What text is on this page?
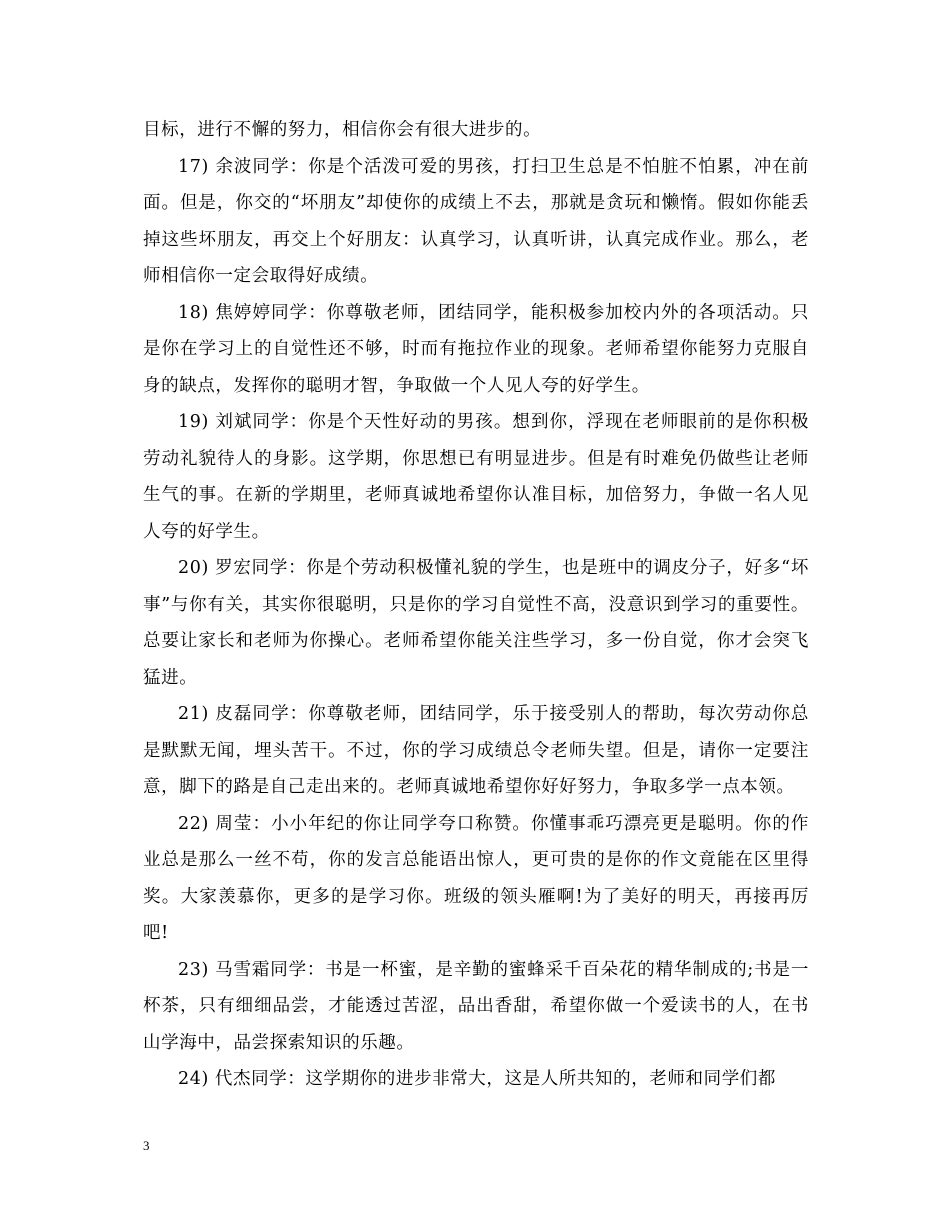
目标，进行不懈的努力，相信你会有很大进步的。

17) 余波同学：你是个活泼可爱的男孩，打扫卫生总是不怕脏不怕累，冲在前面。但是，你交的“坏朋友”却使你的成绩上不去，那就是贪玩和懒惰。假如你能丢掉这些坏朋友，再交上个好朋友：认真学习，认真听讲，认真完成作业。那么，老师相信你一定会取得好成绩。

18) 焦婷婷同学：你尊敬老师，团结同学，能积极参加校内外的各项活动。只是你在学习上的自觉性还不够，时而有拖拉作业的现象。老师希望你能努力克服自身的缺点，发挥你的聪明才智，争取做一个人见人夸的好学生。

19) 刘斌同学：你是个天性好动的男孩。想到你，浮现在老师眼前的是你积极劳动礼貌待人的身影。这学期，你思想已有明显进步。但是有时难免仍做些让老师生气的事。在新的学期里，老师真诚地希望你认准目标，加倍努力，争做一名人见人夸的好学生。

20) 罗宏同学：你是个劳动积极懂礼貌的学生，也是班中的调皮分子，好多“坏事”与你有关，其实你很聪明，只是你的学习自觉性不高，没意识到学习的重要性。总要让家长和老师为你操心。老师希望你能关注些学习，多一份自觉，你才会突飞猛进。

21) 皮磊同学：你尊敬老师，团结同学，乐于接受别人的帮助，每次劳动你总是默默无闻，埋头苦干。不过，你的学习成绩总令老师失望。但是，请你一定要注意，脚下的路是自己走出来的。老师真诚地希望你好好努力，争取多学一点本领。

22) 周莹：小小年纪的你让同学夸口称赞。你懂事乖巧漂亮更是聪明。你的作业总是那么一丝不苟，你的发言总能语出惊人，更可贵的是你的作文竟能在区里得奖。大家羡慕你，更多的是学习你。班级的领头雁啊!为了美好的明天，再接再厉吧!

23) 马雪霜同学：书是一杯蜜，是辛勤的蜜蜂采千百朵花的精华制成的;书是一杯茶，只有细细品尝，才能透过苦涩，品出香甜，希望你做一个爱读书的人，在书山学海中，品尝探索知识的乐趣。

24) 代杰同学：这学期你的进步非常大，这是人所共知的，老师和同学们都

3
